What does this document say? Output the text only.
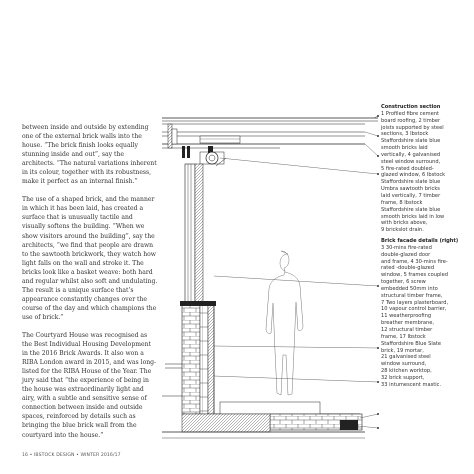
between inside and outside by extending one of the external brick walls into the house. “The brick finish looks equally stunning inside and out”, say the architects. “The natural variations inherent in its colour, together with its robustness, make it perfect as an internal finish.”

The use of a shaped brick, and the manner in which it has been laid, has created a surface that is unusually tactile and visually softens the building. “When we show visitors around the building”, say the architects, “we find that people are drawn to the sawtooth brickwork, they watch how light falls on the wall and stroke it. The bricks look like a basket weave: both hard and regular whilst also soft and undulating. The result is a unique surface that’s appearance constantly changes over the course of the day and which champions the use of brick.”

The Courtyard House was recognised as the Best Individual Housing Development in the 2016 Brick Awards. It also won a RIBA London award in 2015, and was long-listed for the RIBA House of the Year. The jury said that “the experience of being in the house was extraordinarily light and airy, with a subtle and sensitive sense of connection between inside and outside spaces, reinforced by details such as bringing the blue brick wall from the courtyard into the house.”

Construction section

1 Profiled fibre cement

board roofing, 2 timber

joists supported by steel

sections, 3 Ibstock

Staffordshire slate blue

smooth bricks laid

vertically, 4 galvanised

steel window surround,

5 fire-rated doubled-

glazed window, 6 Ibstock

Staffordshire slate blue

Umbra sawtooth bricks

laid vertically, 7 timber

frame, 8 Ibstock

Staffordshire slate blue

smooth bricks laid in low

with bricks above,

9 brickslot drain.

Brick facade details (right)

3 30-mins fire-rated

double-glazed door

and frame, 4 30-mins fire-

rated -double-glazed

window, 5 frames coupled

together, 6 screw

embedded 50mm into

structural timber frame,

7 Two layers plasterboard,

10 vapour control barrier,

11 weatherproofing

breather membrane,

12 structural timber

frame, 17 Ibstock

Staffordshire Blue Slate

brick, 19 mortar,

21 galvanised steel

window surround,

28 kitchen worktop,

32 brick support,

33 intumescent mastic.

16 • IBSTOCK DESIGN • WINTER 2016/17
